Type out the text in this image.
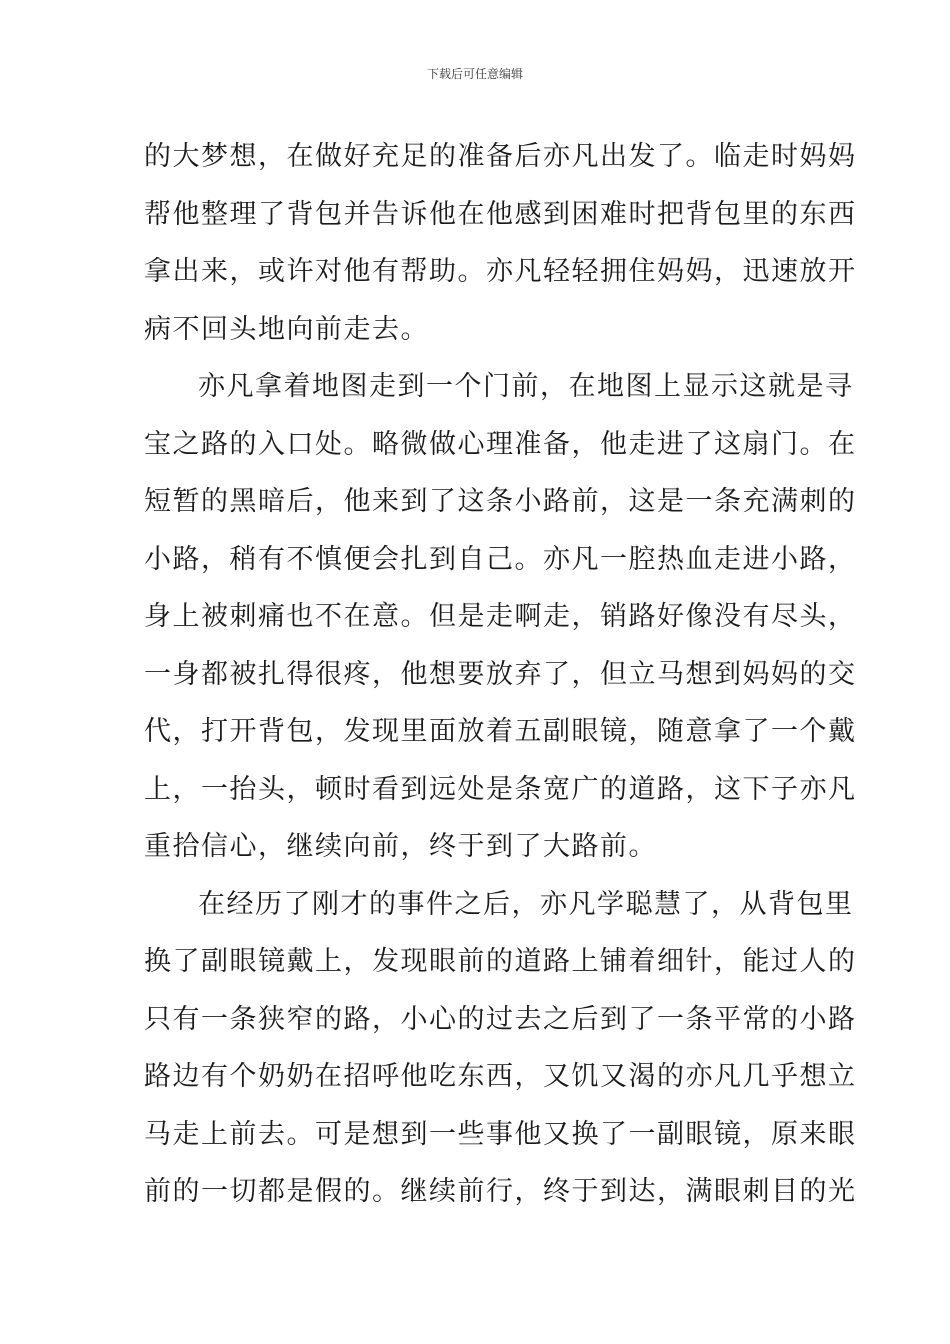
下载后可任意编辑
的大梦想，在做好充足的准备后亦凡出发了。临走时妈妈
帮他整理了背包并告诉他在他感到困难时把背包里的东西
拿出来，或许对他有帮助。亦凡轻轻拥住妈妈，迅速放开
病不回头地向前走去。
亦凡拿着地图走到一个门前，在地图上显示这就是寻
宝之路的入口处。略微做心理准备，他走进了这扇门。在
短暂的黑暗后，他来到了这条小路前，这是一条充满刺的
小路，稍有不慎便会扎到自己。亦凡一腔热血走进小路，
身上被刺痛也不在意。但是走啊走，销路好像没有尽头，
一身都被扎得很疼，他想要放弃了，但立马想到妈妈的交
代，打开背包，发现里面放着五副眼镜，随意拿了一个戴
上，一抬头，顿时看到远处是条宽广的道路，这下子亦凡
重拾信心，继续向前，终于到了大路前。
在经历了刚才的事件之后，亦凡学聪慧了，从背包里
换了副眼镜戴上，发现眼前的道路上铺着细针，能过人的
只有一条狭窄的路，小心的过去之后到了一条平常的小路
路边有个奶奶在招呼他吃东西，又饥又渴的亦凡几乎想立
马走上前去。可是想到一些事他又换了一副眼镜，原来眼
前的一切都是假的。继续前行，终于到达，满眼刺目的光
